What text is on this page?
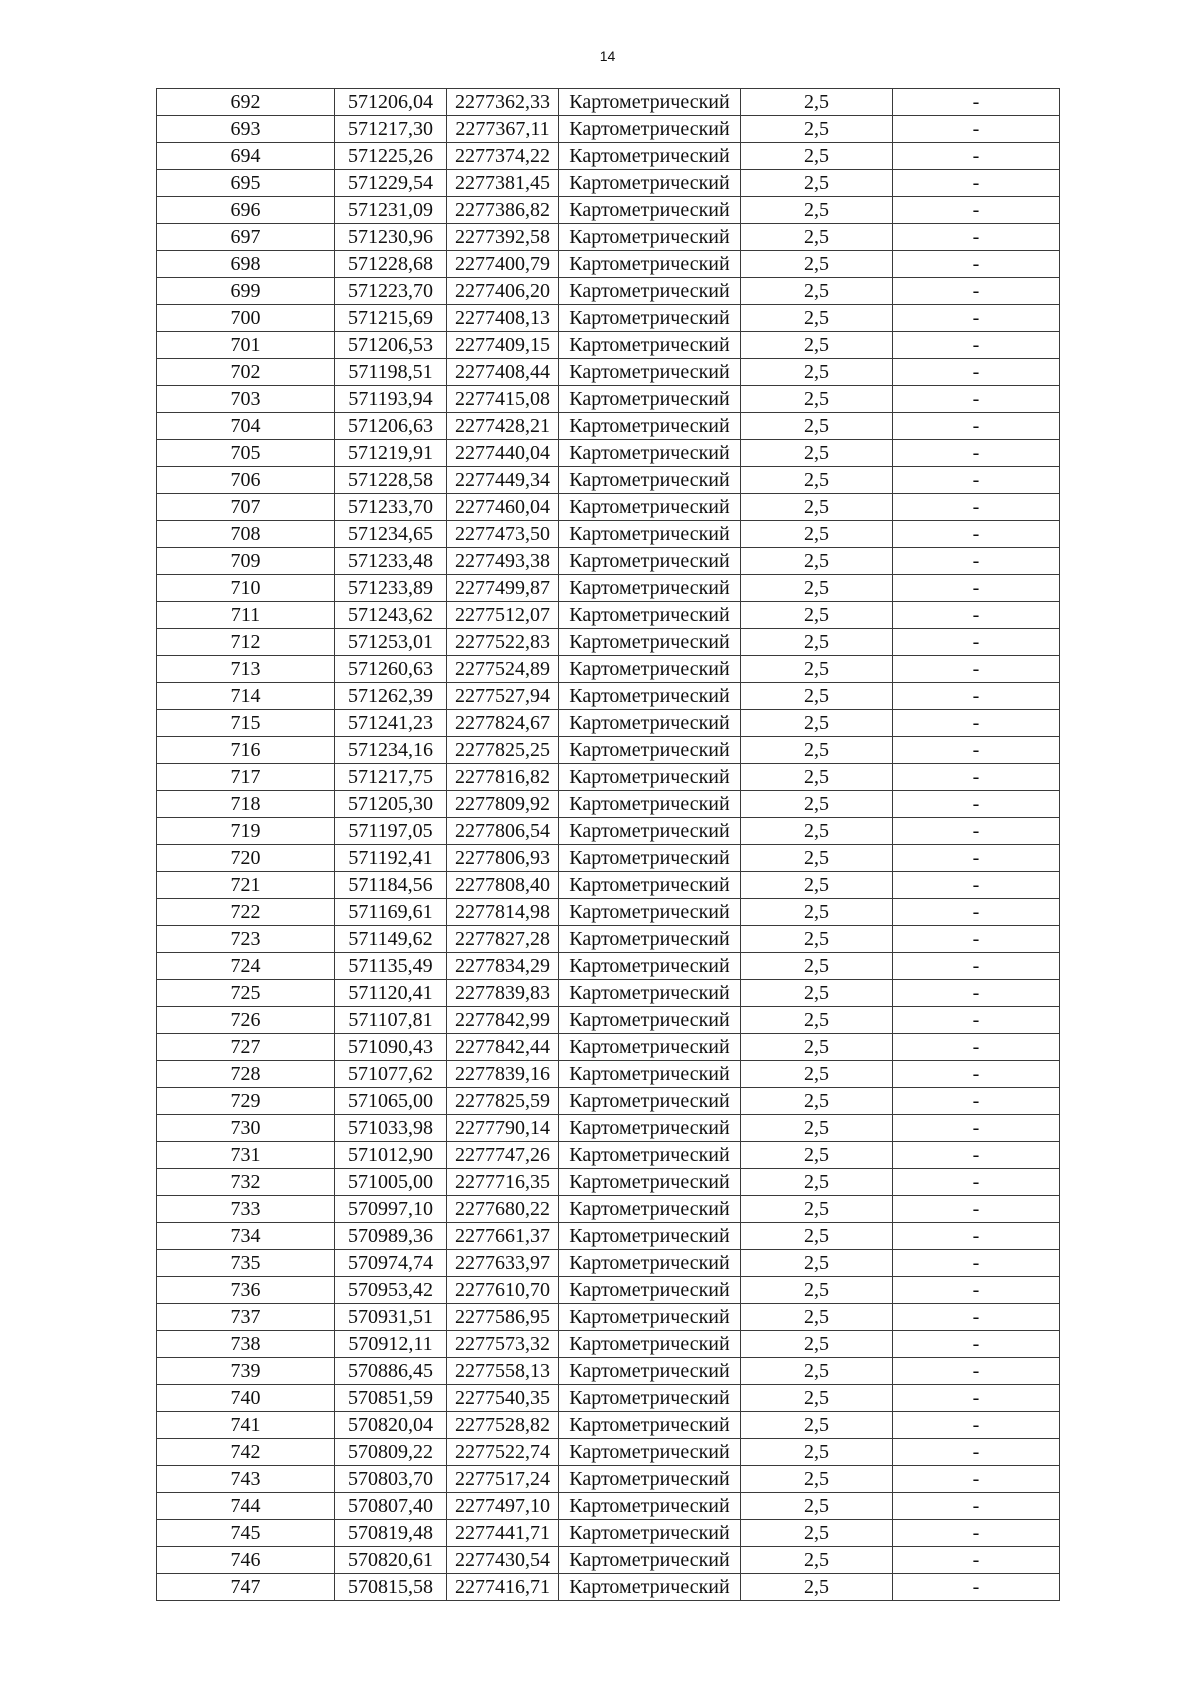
14
692	571206,04	2277362,33	Картометрический	2,5	-
693	571217,30	2277367,11	Картометрический	2,5	-
694	571225,26	2277374,22	Картометрический	2,5	-
695	571229,54	2277381,45	Картометрический	2,5	-
696	571231,09	2277386,82	Картометрический	2,5	-
697	571230,96	2277392,58	Картометрический	2,5	-
698	571228,68	2277400,79	Картометрический	2,5	-
699	571223,70	2277406,20	Картометрический	2,5	-
700	571215,69	2277408,13	Картометрический	2,5	-
701	571206,53	2277409,15	Картометрический	2,5	-
702	571198,51	2277408,44	Картометрический	2,5	-
703	571193,94	2277415,08	Картометрический	2,5	-
704	571206,63	2277428,21	Картометрический	2,5	-
705	571219,91	2277440,04	Картометрический	2,5	-
706	571228,58	2277449,34	Картометрический	2,5	-
707	571233,70	2277460,04	Картометрический	2,5	-
708	571234,65	2277473,50	Картометрический	2,5	-
709	571233,48	2277493,38	Картометрический	2,5	-
710	571233,89	2277499,87	Картометрический	2,5	-
711	571243,62	2277512,07	Картометрический	2,5	-
712	571253,01	2277522,83	Картометрический	2,5	-
713	571260,63	2277524,89	Картометрический	2,5	-
714	571262,39	2277527,94	Картометрический	2,5	-
715	571241,23	2277824,67	Картометрический	2,5	-
716	571234,16	2277825,25	Картометрический	2,5	-
717	571217,75	2277816,82	Картометрический	2,5	-
718	571205,30	2277809,92	Картометрический	2,5	-
719	571197,05	2277806,54	Картометрический	2,5	-
720	571192,41	2277806,93	Картометрический	2,5	-
721	571184,56	2277808,40	Картометрический	2,5	-
722	571169,61	2277814,98	Картометрический	2,5	-
723	571149,62	2277827,28	Картометрический	2,5	-
724	571135,49	2277834,29	Картометрический	2,5	-
725	571120,41	2277839,83	Картометрический	2,5	-
726	571107,81	2277842,99	Картометрический	2,5	-
727	571090,43	2277842,44	Картометрический	2,5	-
728	571077,62	2277839,16	Картометрический	2,5	-
729	571065,00	2277825,59	Картометрический	2,5	-
730	571033,98	2277790,14	Картометрический	2,5	-
731	571012,90	2277747,26	Картометрический	2,5	-
732	571005,00	2277716,35	Картометрический	2,5	-
733	570997,10	2277680,22	Картометрический	2,5	-
734	570989,36	2277661,37	Картометрический	2,5	-
735	570974,74	2277633,97	Картометрический	2,5	-
736	570953,42	2277610,70	Картометрический	2,5	-
737	570931,51	2277586,95	Картометрический	2,5	-
738	570912,11	2277573,32	Картометрический	2,5	-
739	570886,45	2277558,13	Картометрический	2,5	-
740	570851,59	2277540,35	Картометрический	2,5	-
741	570820,04	2277528,82	Картометрический	2,5	-
742	570809,22	2277522,74	Картометрический	2,5	-
743	570803,70	2277517,24	Картометрический	2,5	-
744	570807,40	2277497,10	Картометрический	2,5	-
745	570819,48	2277441,71	Картометрический	2,5	-
746	570820,61	2277430,54	Картометрический	2,5	-
747	570815,58	2277416,71	Картометрический	2,5	-
